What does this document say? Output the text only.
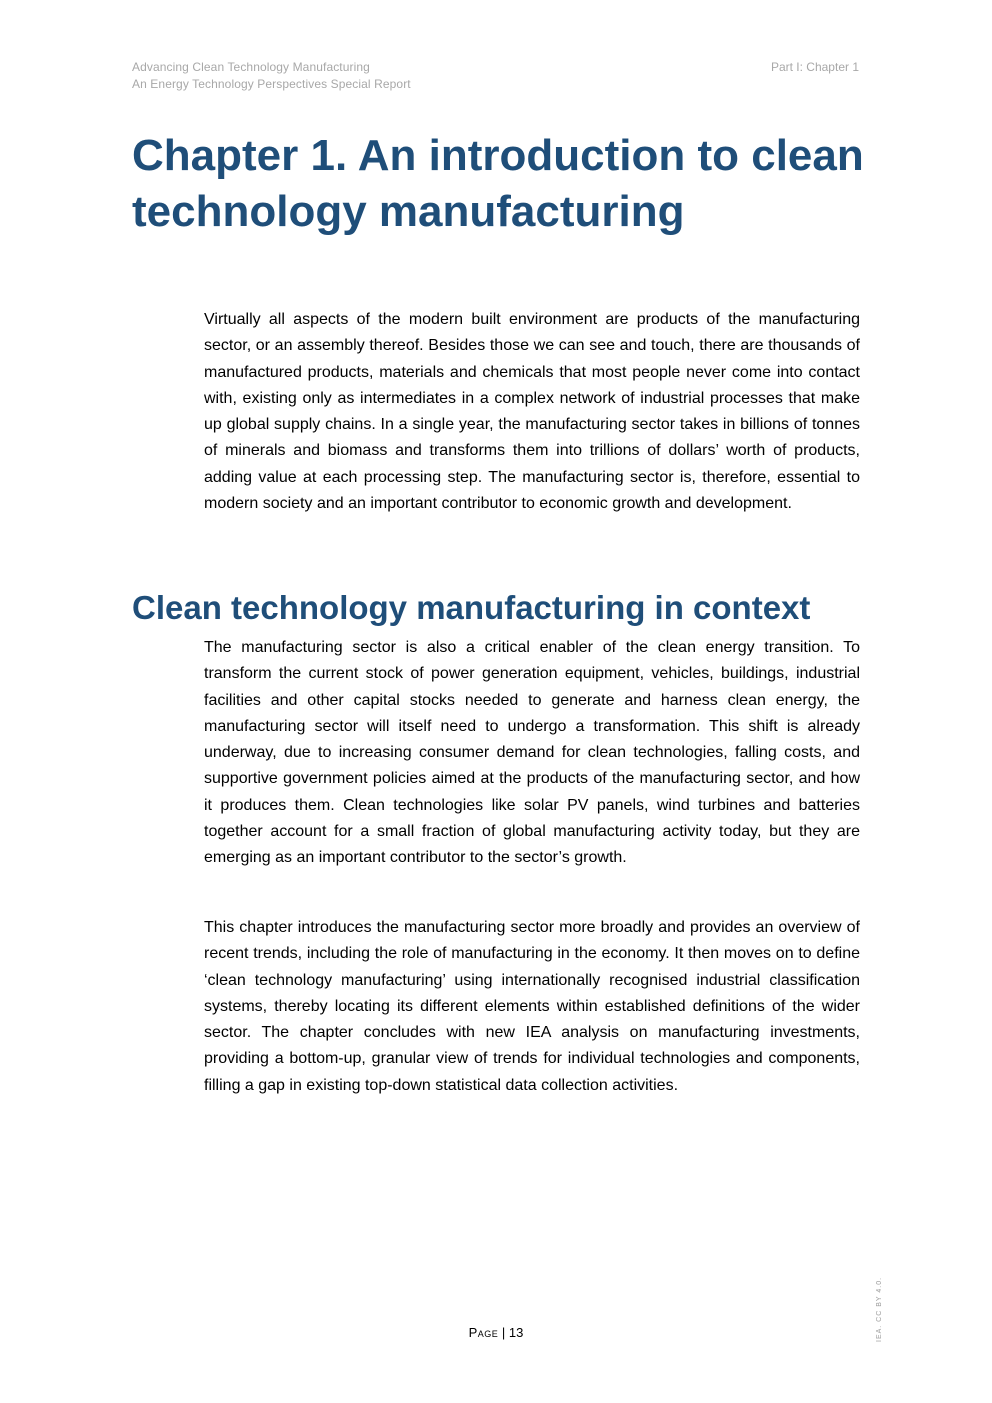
Advancing Clean Technology Manufacturing
An Energy Technology Perspectives Special Report
Part I: Chapter 1
Chapter 1. An introduction to clean technology manufacturing

Virtually all aspects of the modern built environment are products of the manufacturing sector, or an assembly thereof. Besides those we can see and touch, there are thousands of manufactured products, materials and chemicals that most people never come into contact with, existing only as intermediates in a complex network of industrial processes that make up global supply chains. In a single year, the manufacturing sector takes in billions of tonnes of minerals and biomass and transforms them into trillions of dollars’ worth of products, adding value at each processing step. The manufacturing sector is, therefore, essential to modern society and an important contributor to economic growth and development.

Clean technology manufacturing in context

The manufacturing sector is also a critical enabler of the clean energy transition. To transform the current stock of power generation equipment, vehicles, buildings, industrial facilities and other capital stocks needed to generate and harness clean energy, the manufacturing sector will itself need to undergo a transformation. This shift is already underway, due to increasing consumer demand for clean technologies, falling costs, and supportive government policies aimed at the products of the manufacturing sector, and how it produces them. Clean technologies like solar PV panels, wind turbines and batteries together account for a small fraction of global manufacturing activity today, but they are emerging as an important contributor to the sector’s growth.

This chapter introduces the manufacturing sector more broadly and provides an overview of recent trends, including the role of manufacturing in the economy. It then moves on to define ‘clean technology manufacturing’ using internationally recognised industrial classification systems, thereby locating its different elements within established definitions of the wider sector. The chapter concludes with new IEA analysis on manufacturing investments, providing a bottom-up, granular view of trends for individual technologies and components, filling a gap in existing top-down statistical data collection activities.

Page | 13	IEA. CC BY 4.0.
